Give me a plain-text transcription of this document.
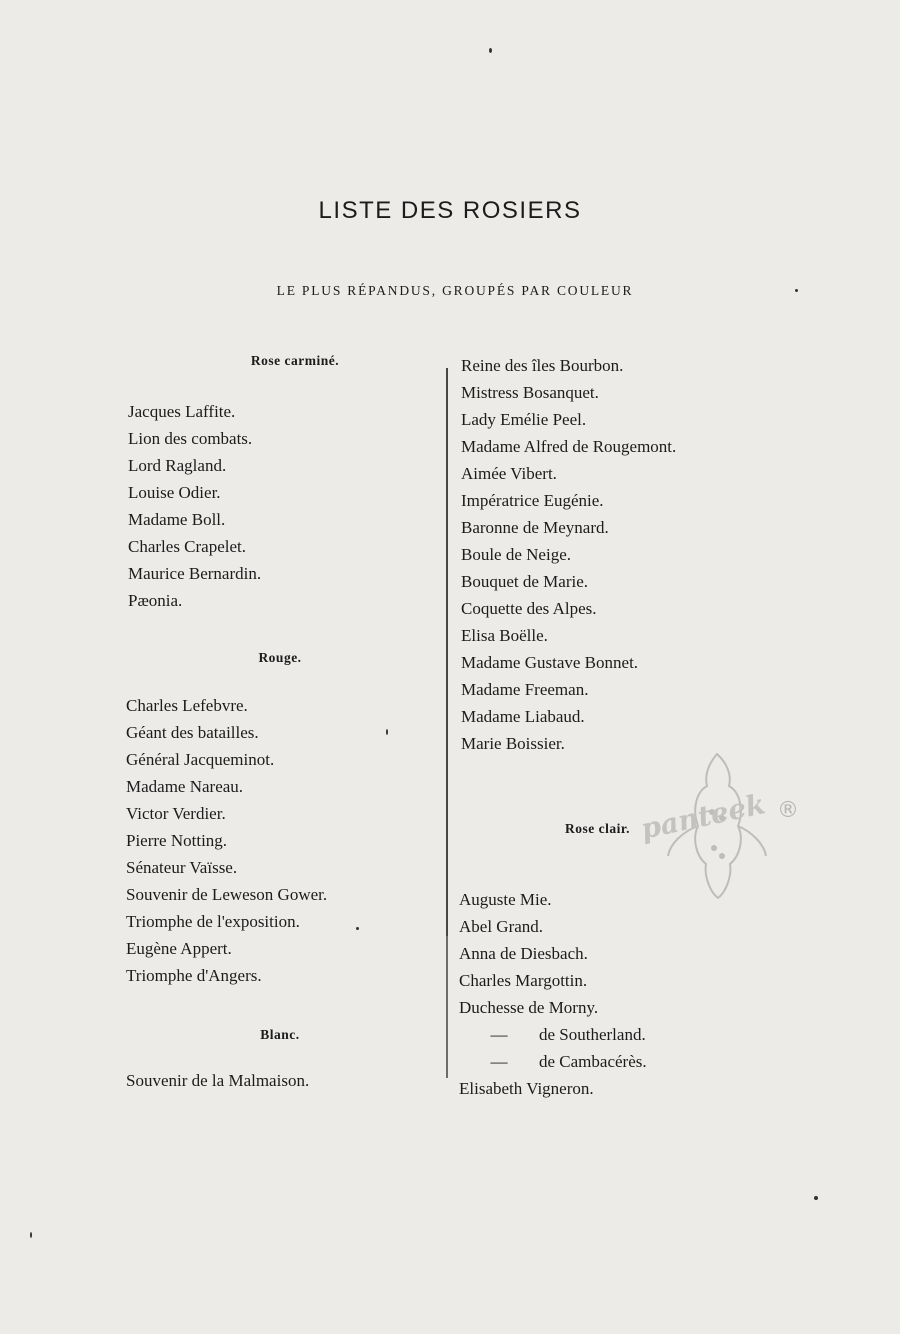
LISTE DES ROSIERS
LE PLUS RÉPANDUS, GROUPÉS PAR COULEUR
Rose carminé.
Jacques Laffite.
Lion des combats.
Lord Ragland.
Louise Odier.
Madame Boll.
Charles Crapelet.
Maurice Bernardin.
Pæonia.
Rouge.
Charles Lefebvre.
Géant des batailles.
Général Jacqueminot.
Madame Nareau.
Victor Verdier.
Pierre Notting.
Sénateur Vaïsse.
Souvenir de Leweson Gower.
Triomphe de l'exposition.
Eugène Appert.
Triomphe d'Angers.
Blanc.
Souvenir de la Malmaison.
Reine des îles Bourbon.
Mistress Bosanquet.
Lady Emélie Peel.
Madame Alfred de Rougemont.
Aimée Vibert.
Impératrice Eugénie.
Baronne de Meynard.
Boule de Neige.
Bouquet de Marie.
Coquette des Alpes.
Elisa Boëlle.
Madame Gustave Bonnet.
Madame Freeman.
Madame Liabaud.
Marie Boissier.
Rose clair.
Auguste Mie.
Abel Grand.
Anna de Diesbach.
Charles Margottin.
Duchesse de Morny.
— de Southerland.
— de Cambacérès.
Elisabeth Vigneron.
panteek ®
